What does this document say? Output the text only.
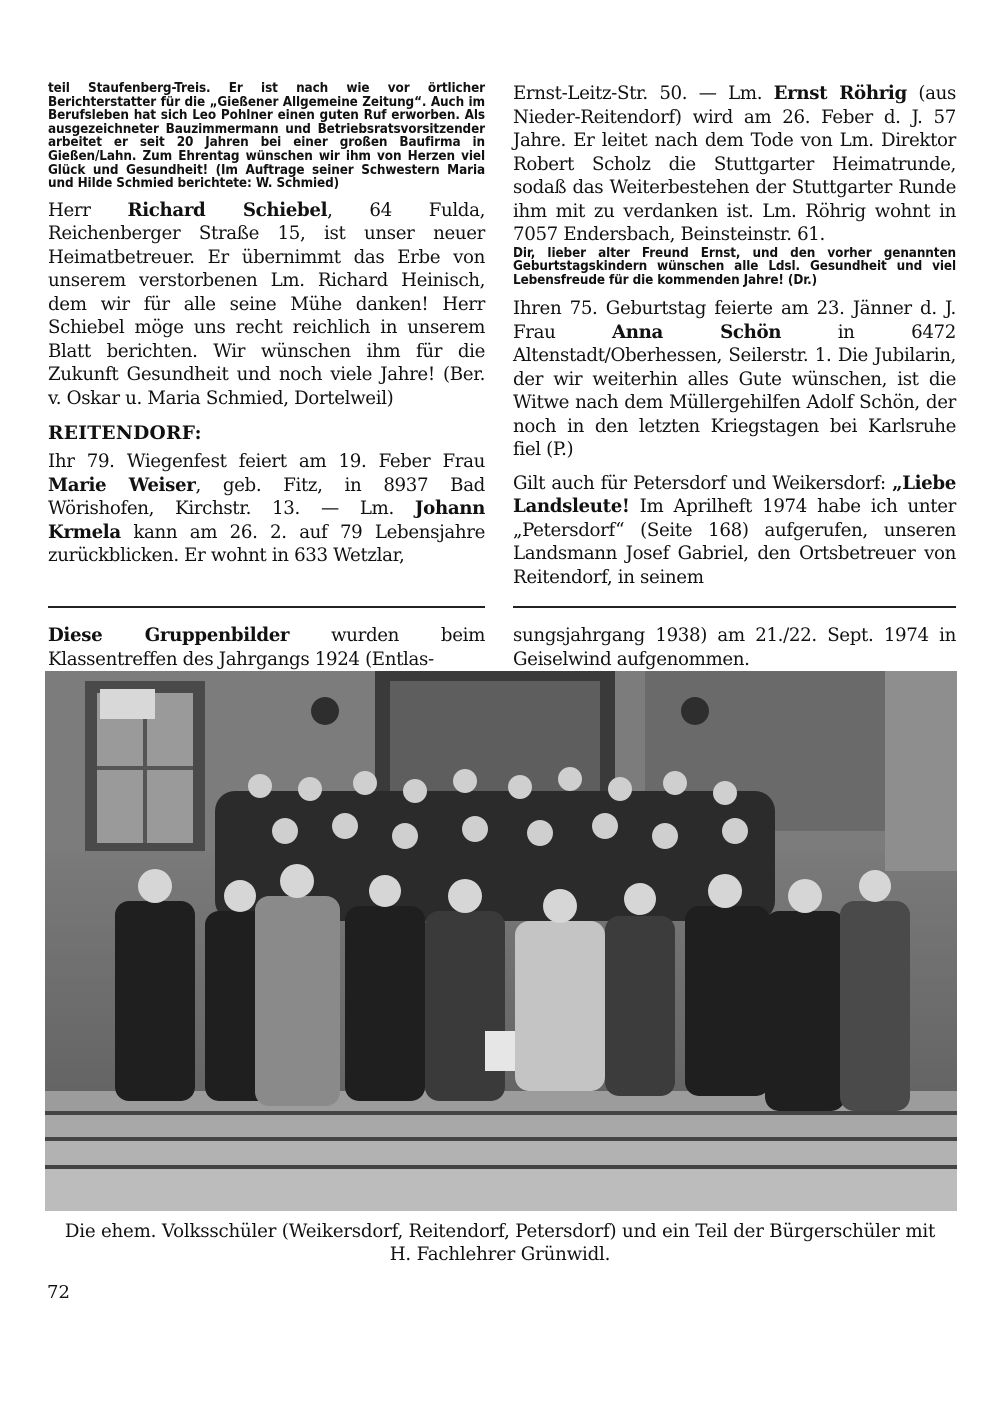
teil Staufenberg-Treis. Er ist nach wie vor örtlicher Berichterstatter für die „Gießener Allgemeine Zeitung“. Auch im Berufsleben hat sich Leo Pohlner einen guten Ruf erworben. Als ausgezeichneter Bauzimmermann und Betriebsratsvorsitzender arbeitet er seit 20 Jahren bei einer großen Baufirma in Gießen/Lahn. Zum Ehrentag wünschen wir ihm von Herzen viel Glück und Gesundheit! (Im Auftrage seiner Schwestern Maria und Hilde Schmied berichtete: W. Schmied)

Herr Richard Schiebel, 64 Fulda, Reichenberger Straße 15, ist unser neuer Heimatbetreuer. Er übernimmt das Erbe von unserem verstorbenen Lm. Richard Heinisch, dem wir für alle seine Mühe danken! Herr Schiebel möge uns recht reichlich in unserem Blatt berichten. Wir wünschen ihm für die Zukunft Gesundheit und noch viele Jahre! (Ber. v. Oskar u. Maria Schmied, Dortelweil)

REITENDORF:

Ihr 79. Wiegenfest feiert am 19. Feber Frau Marie Weiser, geb. Fitz, in 8937 Bad Wörishofen, Kirchstr. 13. — Lm. Johann Krmela kann am 26. 2. auf 79 Lebensjahre zurückblicken. Er wohnt in 633 Wetzlar,

Ernst-Leitz-Str. 50. — Lm. Ernst Röhrig (aus Nieder-Reitendorf) wird am 26. Feber d. J. 57 Jahre. Er leitet nach dem Tode von Lm. Direktor Robert Scholz die Stuttgarter Heimatrunde, sodaß das Weiterbestehen der Stuttgarter Runde ihm mit zu verdanken ist. Lm. Röhrig wohnt in 7057 Endersbach, Beinsteinstr. 61.

Dir, lieber alter Freund Ernst, und den vorher genannten Geburtstagskindern wünschen alle Ldsl. Gesundheit und viel Lebensfreude für die kommenden Jahre! (Dr.)

Ihren 75. Geburtstag feierte am 23. Jänner d. J. Frau Anna Schön in 6472 Altenstadt/Oberhessen, Seilerstr. 1. Die Jubilarin, der wir weiterhin alles Gute wünschen, ist die Witwe nach dem Müllergehilfen Adolf Schön, der noch in den letzten Kriegstagen bei Karlsruhe fiel (P.)

Gilt auch für Petersdorf und Weikersdorf: „Liebe Landsleute! Im Aprilheft 1974 habe ich unter „Petersdorf“ (Seite 168) aufgerufen, unseren Landsmann Josef Gabriel, den Ortsbetreuer von Reitendorf, in seinem

Diese Gruppenbilder wurden beim Klassentreffen des Jahrgangs 1924 (Entlas-

sungsjahrgang 1938) am 21./22. Sept. 1974 in Geiselwind aufgenommen.

Die ehem. Volksschüler (Weikersdorf, Reitendorf, Petersdorf) und ein Teil der Bürgerschüler mit H. Fachlehrer Grünwidl.
72
